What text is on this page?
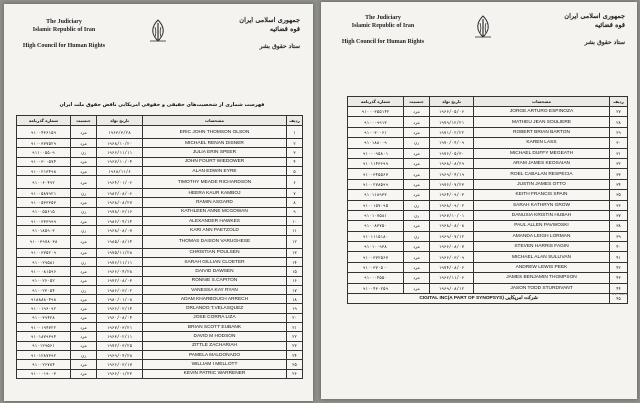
The Judiciary
Islamic Republic of Iran
High Council for Human Rights
جمهوری اسلامی ایران
قوه قضائیه
ستاد حقوق بشر
فهرست شماری از شخصیت‌های حقیقی و حقوقی امریکایی ناقض حقوق ملت ایران
شماره گذرنامه	جنسیت	تاریخ تولد	مشخصات	ردیف
۹۱۰۰۴۳۶۱۵۹	مرد	۱۹۶۳/۳/۲۸	ERIC JOHN THOMSON OLSON	۱
۹۱۰۰۳۷۷۵۲۹	مرد	۱۹۶۸/۱۰/۲۰	MICHAEL RENAN DISNER	۲
۹۱۱۰۰۵۵۰۹	زن	۱۹۶۶/۱۱/۱۱	JULIA ERIN SPEER	۳
۹۱۰۰۳۰۰۵۷۴	مرد	۱۹۶۷/۱۰/۰۴	JOHN FOURT WIEDOWER	۴
۹۱۰۰۲۱۳۴۹۸	مرد	۱۹۶۸/۱۱/۶	ALAN EDWIN EYRE	۵
۹۱۰۰۶۰۴۹۲	مرد	۱۹۶۴/۰۱/۰۶	TIMOTHY MEADE RICHARDSON	۶
۹۱۰۰۵۸۷۹۲۱	زن	۱۹۸۲/۰۸/۰۶	HEERA KAUR KAMBOJ	۷
۹۱۰۰۵۳۳۳۵۳	مرد	۱۹۶۸/۰۸/۲۷	RAMIN ASGARD	۸
۹۱۰۰۵۵۶۱۵	زن	۱۹۷۸/۰۳/۱۶	KATHLEEN ANNE MCGOWAN	۹
۹۱۰۰۳۳۳۹۹۹	مرد	۱۹۸۶/۰۴/۱۴	ALEXANDER HAWKES	۱۰
۹۱۰۱۸۵۹۰۳	زن	۱۹۶۸/۰۸/۰۷	KARI ANN PAETZOLD	۱۱
۹۱۰۰۳۹۷۸۰۳۸	مرد	۱۹۸۵/۰۸/۱۴	THOMAS DAISON VARUGHESE	۱۲
۹۱۰۰۳۷۵۲۰۹	مرد	۱۹۷۵/۱۱/۲۸	CHRISTIAN POULSEN	۱۳
۹۱۰۰۲۹۵۸۱	زن	۱۹۷۶/۱۱/۱۱	SARAH GILLIAN CLOETER	۱۴
۹۱۰۰۰۸۱۵۹۶	مرد	۱۹۶۶/۰۴/۲۸	DAIVID DAWSEN	۱۵
۹۱۰۰۲۶۰۵۲	مرد	۱۹۷۲/۰۸/۰۳	RONNIE S.CAPITON	۱۶
۹۱۰۰۲۳۰۵۴	زن	۱۹۸۶/۰۳/۰۲	VANESSA KAY RYAN	۱۷
۹۱۸۸۸۸۰۴۹۸	مرد	۱۹۸۰/۰۱/۰۸	ADAM KHARBOUCH ARRECH	۱۸
۹۱۰۰۱۹۶۰۹۲	مرد	۱۹۶۶/۰۲/۱۴	ORLANDO T.VELASQUEZ	۱۹
۹۱۰۰۳۹۴۲۸	مرد	۱۹۶۰/۰۸/۰۴	JOSE CORRA LIZA	۲۰
۹۱۰۰۱۹۴۷۲۲	مرد	۱۹۶۷/۰۳/۲۱	BRIAN SCOTT EUBANK	۲۱
۹۱۰۱۸۷۹۳۹۴	مرد	۱۹۶۳/۰۲/۱۱	DAVID M HODSON	۲۲
۹۱۰۱۲۹۵۶۱	مرد	۱۹۷۲/۰۳/۲۵	ZITTLE ZACHARIAH	۲۳
۹۱۰۱۲۸۷۳۹۲	زن	۱۹۶۹/۰۴/۲۸	PAMELA MALDONADO	۲۴
۹۱۰۰۲۶۷۸۴	مرد	۱۹۶۶/۰۳/۱۷	WILLIAM I MELLOTT	۲۵
۹۱۰۰۰۱۹۰۰۳	مرد	۱۹۶۶/۰۱/۲۳	KEVIN PATRIC WARRENER	۲۶
The Judiciary
Islamic Republic of Iran
High Council for Human Rights
جمهوری اسلامی ایران
قوه قضائیه
ستاد حقوق بشر
شماره گذرنامه	جنسیت	تاریخ تولد	مشخصات	ردیف
۹۱۰۰۰۳۵۵۱۴۲	مرد	۱۹۶۶/۰۵/۰۶	JORGE ARTURO ESPINOZA	۲۷
۹۱۰۰۰۹۹۱۳	مرد	۱۹۷۹/۱۲/۲۱	MATHEU JEAN SOULIERE	۲۸
۹۱۰۰۳۰۰۶۱	مرد	۱۹۷۱/۰۲/۲۲	ROBERT BRIAN BARTON	۲۹
۹۱۰۱۸۸۰۰۹	زن	۱۹۷۰/۰۴/۰۹	KAREN LASS	۳۰
۹۱۰۰۰۹۵۸۰۱	مرد	۱۹۷۶/۰۵/۳۰	MICHAEL DUFFY MEGEATH	۳۱
۹۱۰۱۱۴۳۶۹۹	مرد	۱۹۶۸/۰۸/۲۹	ARAM JAMES KEOSAIAN	۳۲
۹۱۰۰۳۴۵۵۶۷	مرد	۱۹۶۹/۰۴/۱۹	ROEL CABALAN RESPECIA	۳۳
۹۱۰۰۲۷۸۵۹۹	مرد	۱۹۷۶/۰۷/۲۳	JUSTIN JAMES OTTO	۳۴
۹۱۰۱۱۸۹۳۳	مرد	۱۹۶۴/۰۹/۰۳	KEITH FRANCIS SPAIN	۳۵
۹۱۰۰۱۵۷۰۹۵	زن	۱۹۶۸/۰۹/۰۲	SARAH KATHRYN GROW	۳۶
۹۱۰۱۰۷۵۸۱	زن	۱۹۶۷/۱۰/۰۱	DANUSIA KRISTIN HUBAH	۳۷
۹۱۰۰۸۳۷۵۰	مرد	۱۹۶۸/۰۸/۰۸	PAUL ALLEN PAVWOSKI	۳۸
۹۱۰۱۱۱۵۱۸۰	زن	۱۹۶۹/۰۷/۱۲	AMANDA LEIGH LORMAN	۳۹
۹۱۰۱۰۰۹۳۸	مرد	۱۹۶۶/۰۸/۰۷	STEVEN HARRIS FAGIN	۴۰
۹۱۰۰۳۷۲۵۶۷	مرد	۱۹۶۶/۰۳/۰۹	MICHAEL ALAN SULLIVAN	۴۱
۹۱۰۰۳۷۰۵۰۰	مرد	۱۹۷۴/۰۸/۰۶	ANDREW LEWIS PEEK	۴۲
۹۱۰۰۰۴۵۵۰	مرد	۱۹۶۲/۱۱/۰۶	JAMES BENJAMIN THOMPSON	۴۳
۹۱۰۰۴۳۰۲۵۹	مرد	۱۹۶۹/۰۸/۱۲	JASON TODD STURDIVANT	۴۴
CIGITAL INC(A PART OF SYNOPSYS) شرکت امریکایی				۴۵
۹۷۷/۱۵۵/۷
